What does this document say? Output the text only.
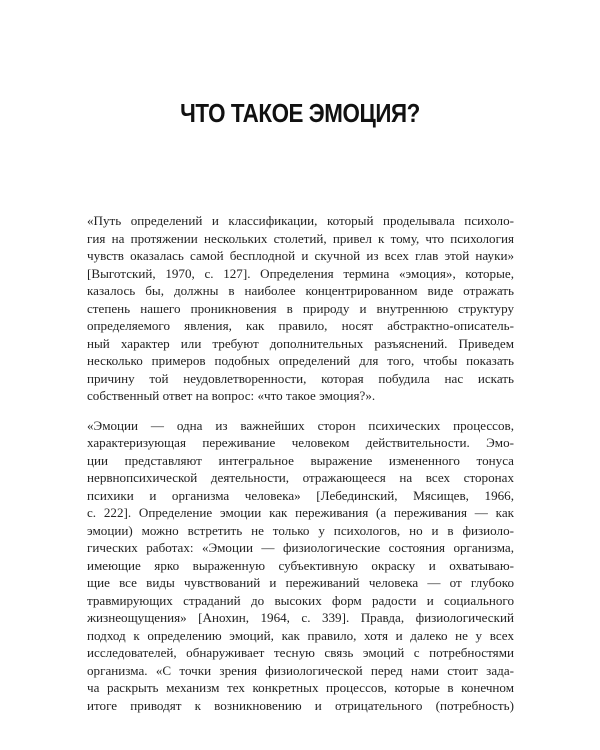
ЧТО ТАКОЕ ЭМОЦИЯ?

«Путь определений и классификации, который проделывала психоло-
гия на протяжении нескольких столетий, привел к тому, что психология
чувств оказалась самой бесплодной и скучной из всех глав этой науки»
[Выготский, 1970, с. 127]. Определения термина «эмоция», которые,
казалось бы, должны в наиболее концентрированном виде отражать
степень нашего проникновения в природу и внутреннюю структуру
определяемого явления, как правило, носят абстрактно-описатель-
ный характер или требуют дополнительных разъяснений. Приведем
несколько примеров подобных определений для того, чтобы показать
причину той неудовлетворенности, которая побудила нас искать
собственный ответ на вопрос: «что такое эмоция?».

«Эмоции — одна из важнейших сторон психических процессов,
характеризующая переживание человеком действительности. Эмо-
ции представляют интегральное выражение измененного тонуса
нервнопсихической деятельности, отражающееся на всех сторонах
психики и организма человека» [Лебединский, Мясищев, 1966,
с. 222]. Определение эмоции как переживания (а переживания — как
эмоции) можно встретить не только у психологов, но и в физиоло-
гических работах: «Эмоции — физиологические состояния организма,
имеющие ярко выраженную субъективную окраску и охватываю-
щие все виды чувствований и переживаний человека — от глубоко
травмирующих страданий до высоких форм радости и социального
жизнеощущения» [Анохин, 1964, с. 339]. Правда, физиологический
подход к определению эмоций, как правило, хотя и далеко не у всех
исследователей, обнаруживает тесную связь эмоций с потребностями
организма. «С точки зрения физиологической перед нами стоит зада-
ча раскрыть механизм тех конкретных процессов, которые в конечном
итоге приводят к возникновению и отрицательного (потребность)
